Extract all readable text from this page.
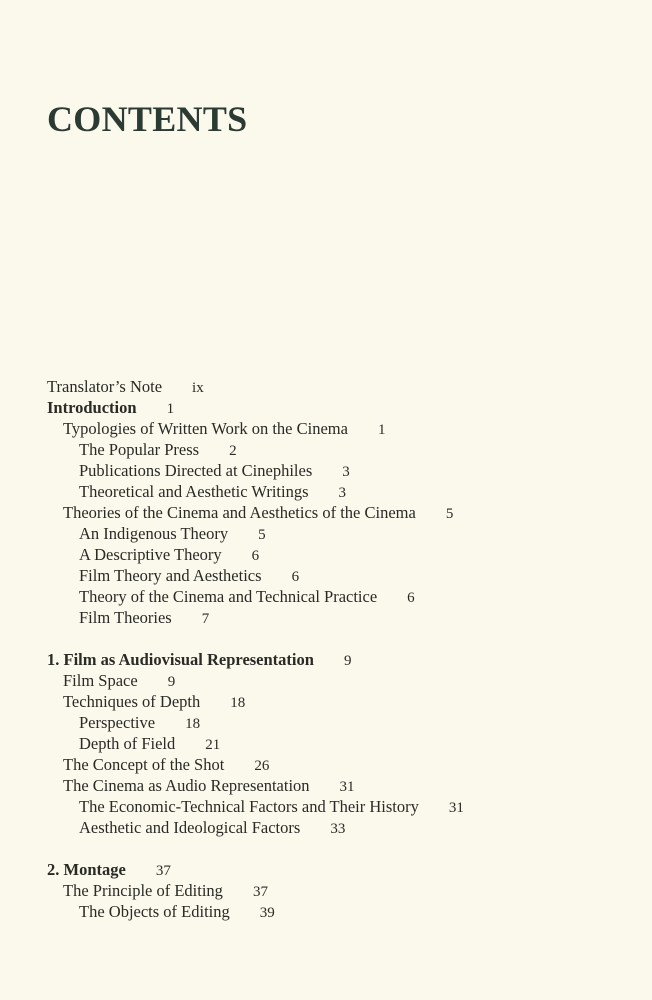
CONTENTS
Translator’s Note ix
Introduction 1
Typologies of Written Work on the Cinema 1
The Popular Press 2
Publications Directed at Cinephiles 3
Theoretical and Aesthetic Writings 3
Theories of the Cinema and Aesthetics of the Cinema 5
An Indigenous Theory 5
A Descriptive Theory 6
Film Theory and Aesthetics 6
Theory of the Cinema and Technical Practice 6
Film Theories 7
1. Film as Audiovisual Representation 9
Film Space 9
Techniques of Depth 18
Perspective 18
Depth of Field 21
The Concept of the Shot 26
The Cinema as Audio Representation 31
The Economic-Technical Factors and Their History 31
Aesthetic and Ideological Factors 33
2. Montage 37
The Principle of Editing 37
The Objects of Editing 39
